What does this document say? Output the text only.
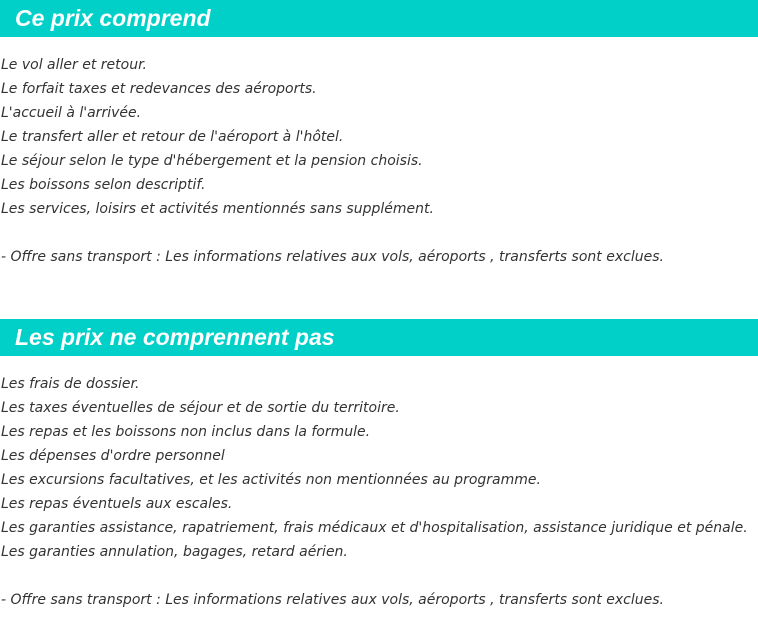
Ce prix comprend
Le vol aller et retour.
Le forfait taxes et redevances des aéroports.
L'accueil à l'arrivée.
Le transfert aller et retour de l'aéroport à l'hôtel.
Le séjour selon le type d'hébergement et la pension choisis.
Les boissons selon descriptif.
Les services, loisirs et activités mentionnés sans supplément.
- Offre sans transport : Les informations relatives aux vols, aéroports , transferts sont exclues.
Les prix ne comprennent pas
Les frais de dossier.
Les taxes éventuelles de séjour et de sortie du territoire.
Les repas et les boissons non inclus dans la formule.
Les dépenses d'ordre personnel
Les excursions facultatives, et les activités non mentionnées au programme.
Les repas éventuels aux escales.
Les garanties assistance, rapatriement, frais médicaux et d'hospitalisation, assistance juridique et pénale.
Les garanties annulation, bagages, retard aérien.
- Offre sans transport : Les informations relatives aux vols, aéroports , transferts sont exclues.
